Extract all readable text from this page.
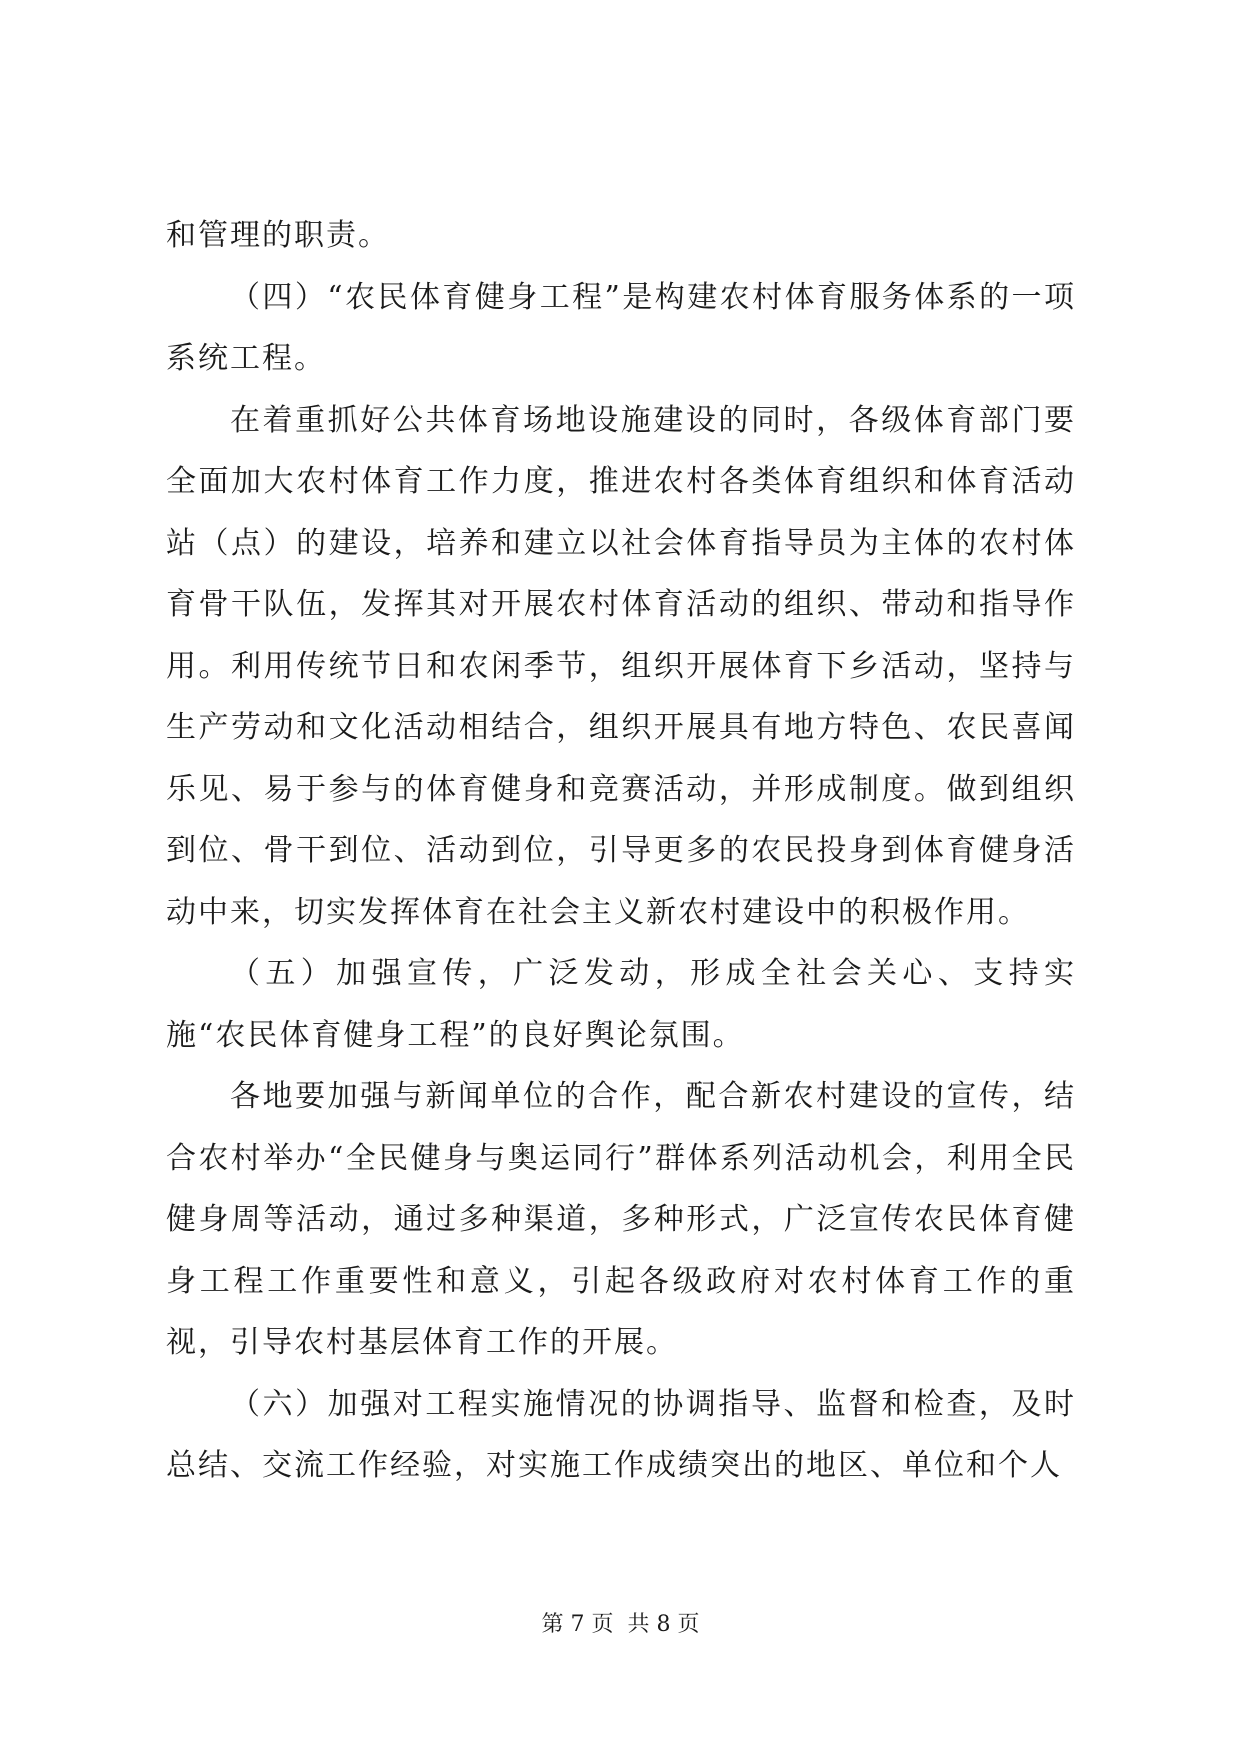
和管理的职责。

（四）“农民体育健身工程”是构建农村体育服务体系的一项系统工程。

在着重抓好公共体育场地设施建设的同时，各级体育部门要全面加大农村体育工作力度，推进农村各类体育组织和体育活动站（点）的建设，培养和建立以社会体育指导员为主体的农村体育骨干队伍，发挥其对开展农村体育活动的组织、带动和指导作用。利用传统节日和农闲季节，组织开展体育下乡活动，坚持与生产劳动和文化活动相结合，组织开展具有地方特色、农民喜闻乐见、易于参与的体育健身和竞赛活动，并形成制度。做到组织到位、骨干到位、活动到位，引导更多的农民投身到体育健身活动中来，切实发挥体育在社会主义新农村建设中的积极作用。

（五）加强宣传，广泛发动，形成全社会关心、支持实施“农民体育健身工程”的良好舆论氛围。

各地要加强与新闻单位的合作，配合新农村建设的宣传，结合农村举办“全民健身与奥运同行”群体系列活动机会，利用全民健身周等活动，通过多种渠道，多种形式，广泛宣传农民体育健身工程工作重要性和意义，引起各级政府对农村体育工作的重视，引导农村基层体育工作的开展。

（六）加强对工程实施情况的协调指导、监督和检查，及时总结、交流工作经验，对实施工作成绩突出的地区、单位和个人

第 7 页  共 8 页
